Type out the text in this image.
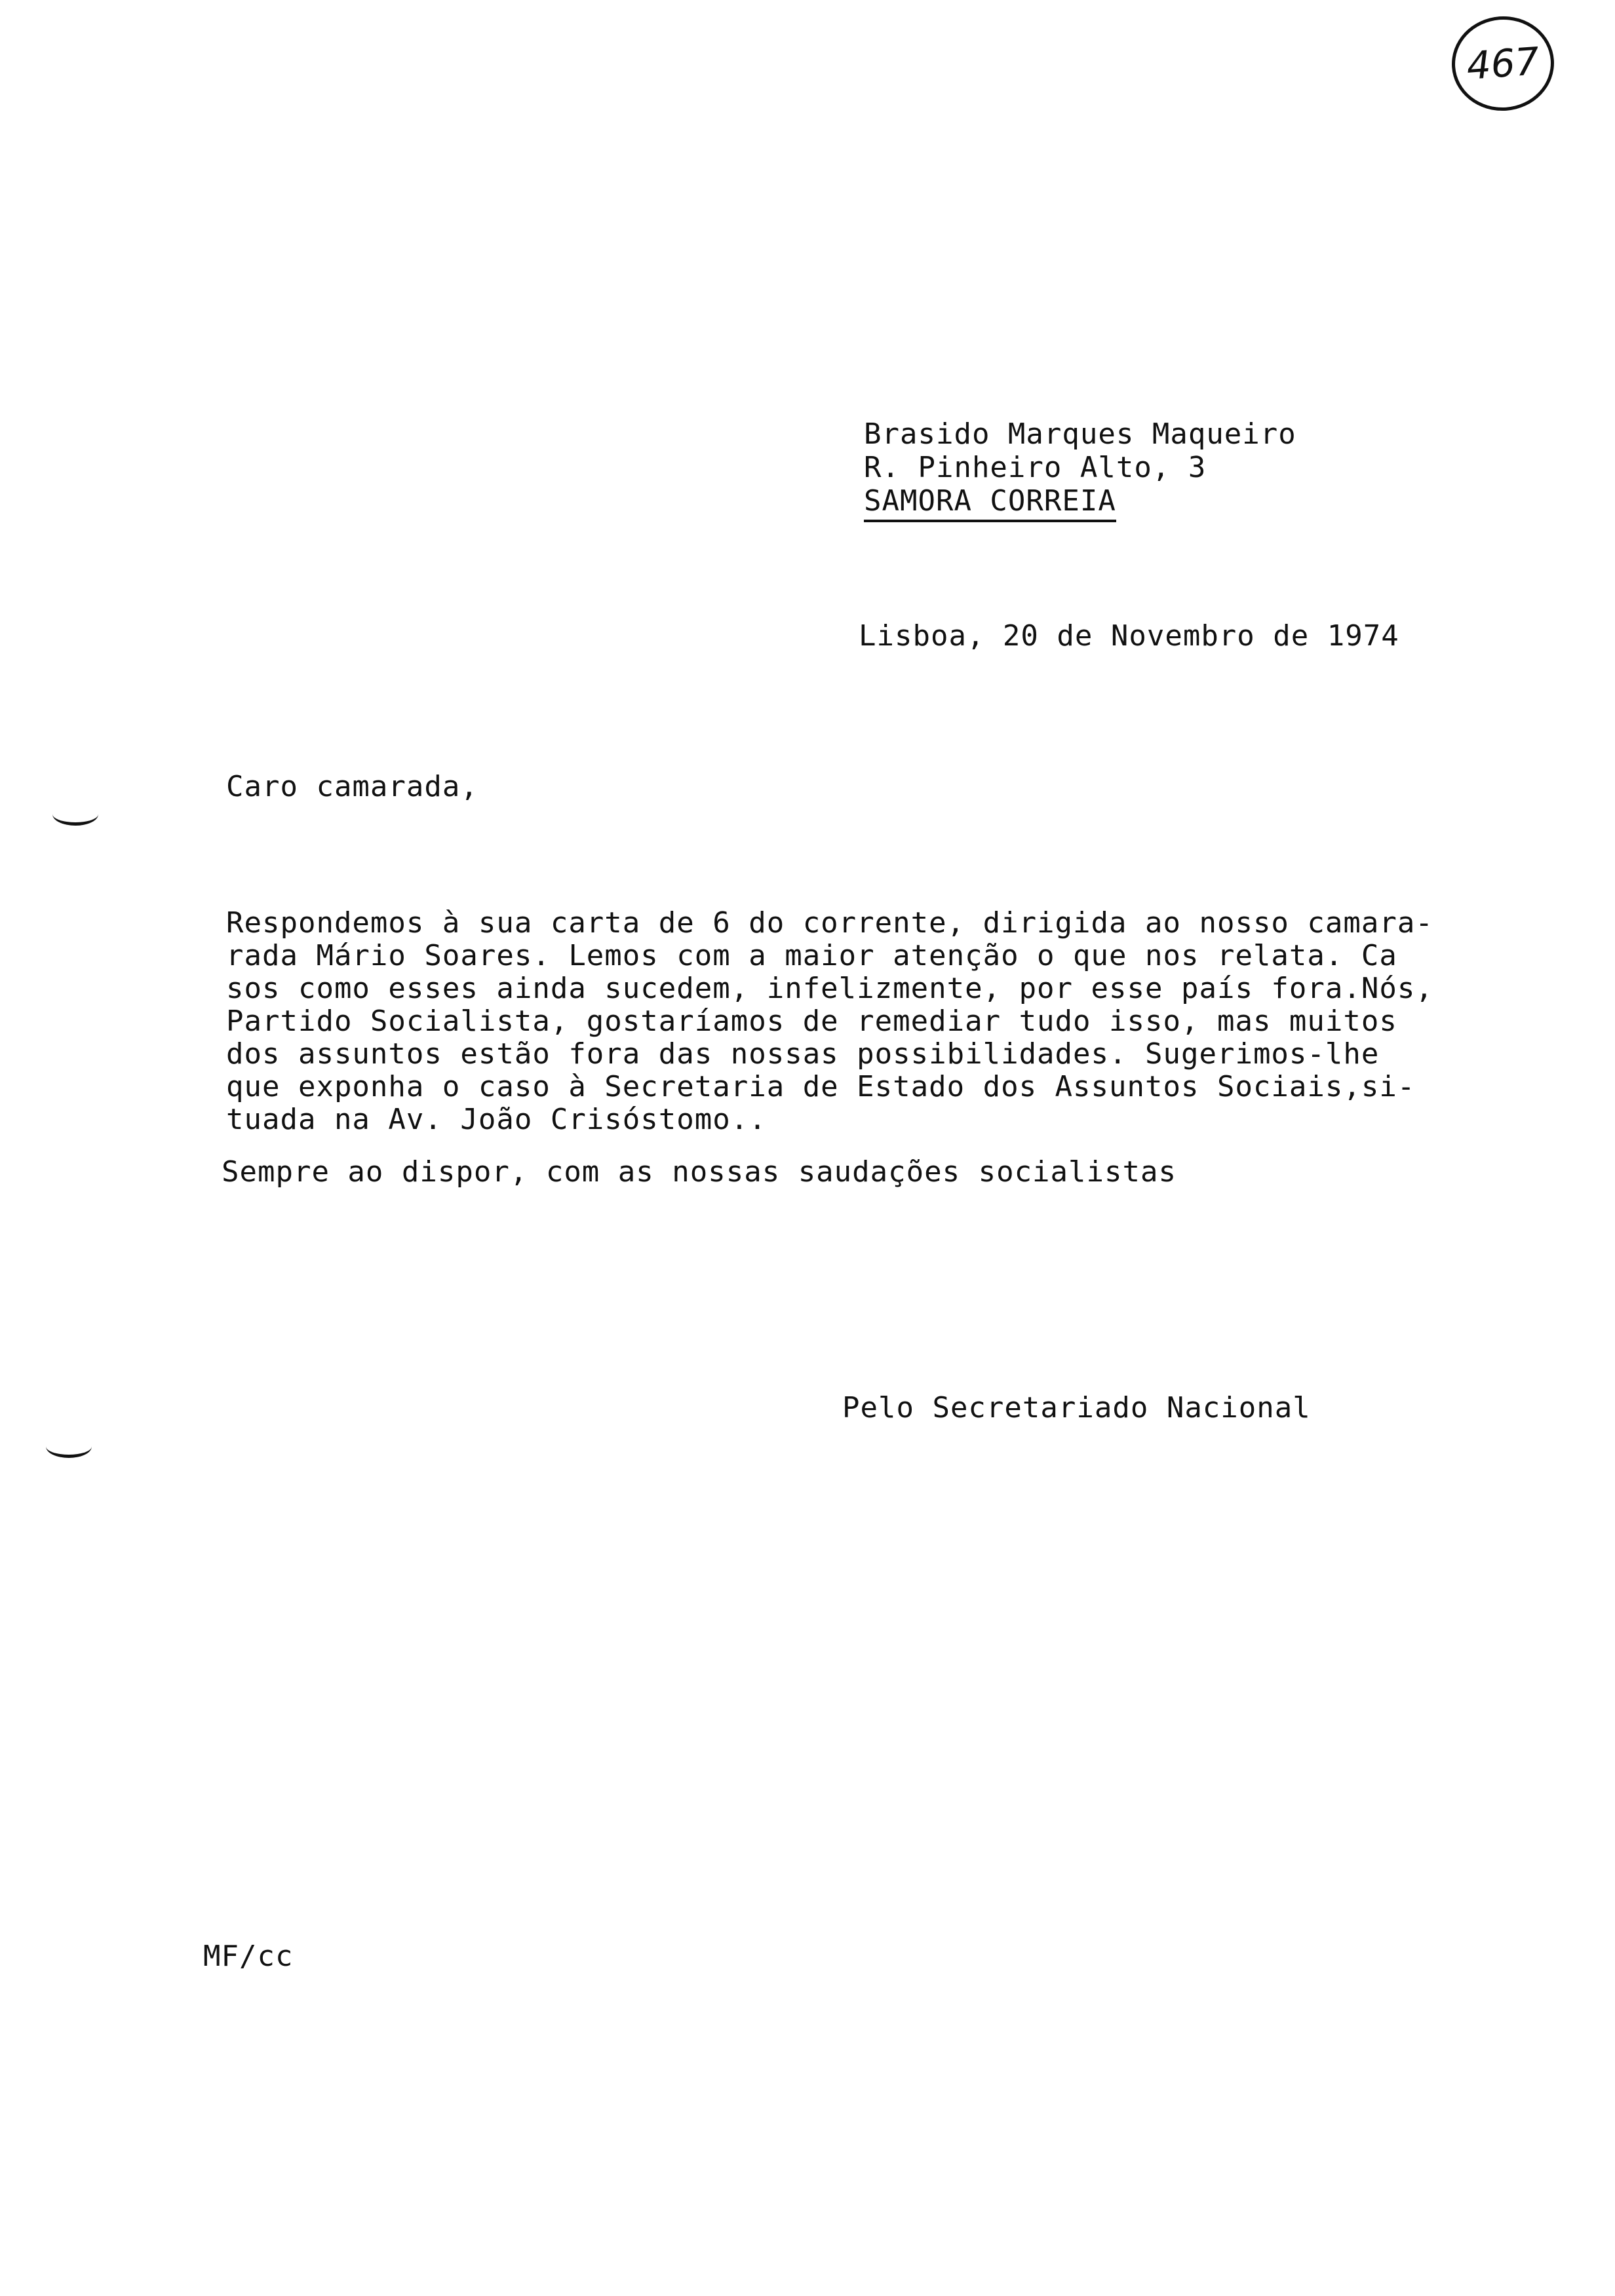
467
Brasido Marques Maqueiro
R. Pinheiro Alto, 3
SAMORA CORREIA
Lisboa, 20 de Novembro de 1974
Caro camarada,
Respondemos à sua carta de 6 do corrente, dirigida ao nosso camara-
rada Mário Soares. Lemos com a maior atenção o que nos relata. Ca
sos como esses ainda sucedem, infelizmente, por esse país fora.Nós,
Partido Socialista, gostaríamos de remediar tudo isso, mas muitos
dos assuntos estão fora das nossas possibilidades. Sugerimos-lhe
que exponha o caso à Secretaria de Estado dos Assuntos Sociais,si-
tuada na Av. João Crisóstomo..
Sempre ao dispor, com as nossas saudações socialistas
Pelo Secretariado Nacional
MF/cc
